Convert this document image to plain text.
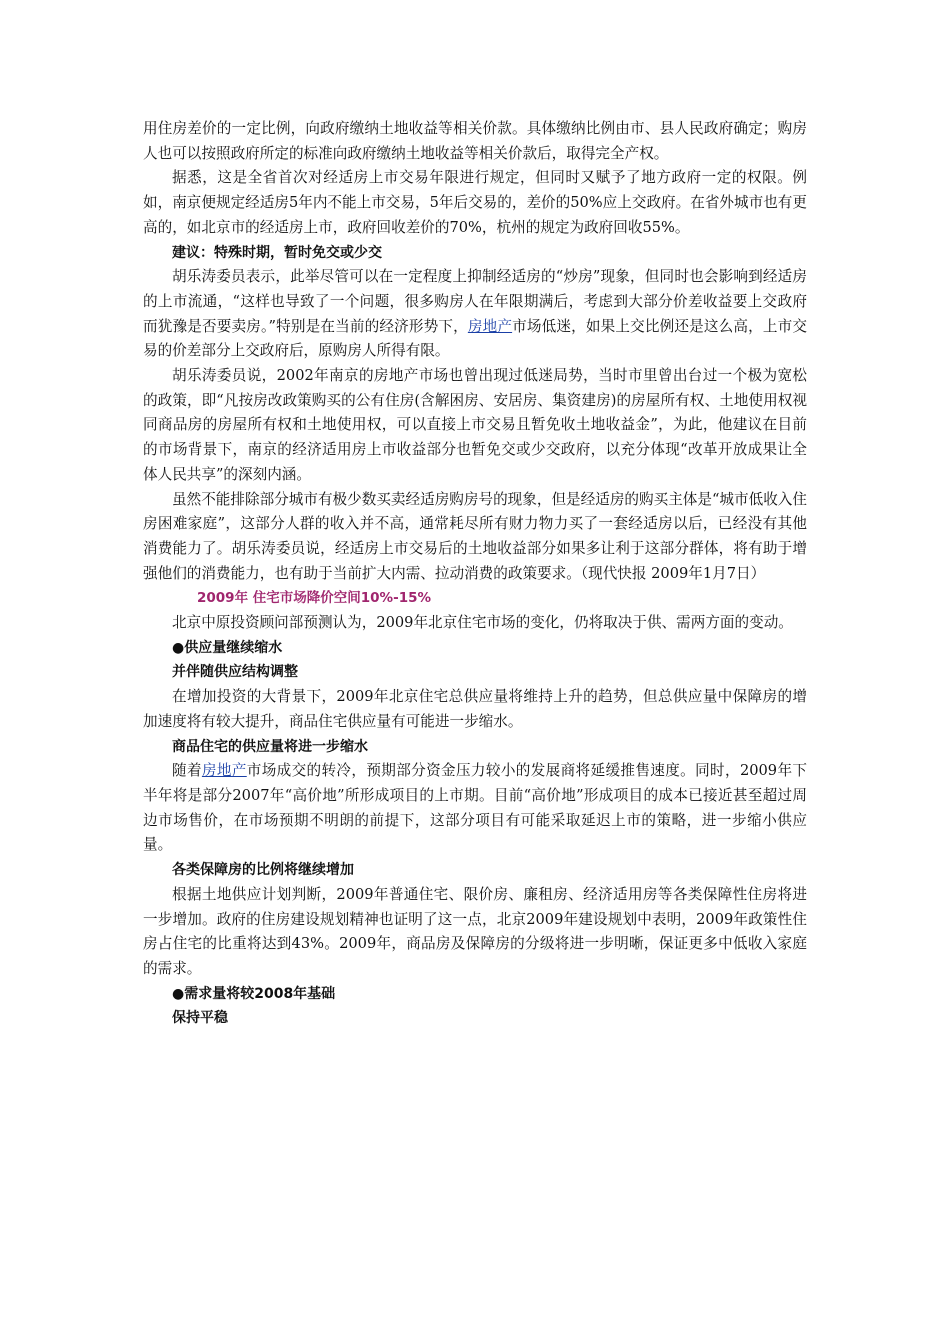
用住房差价的一定比例，向政府缴纳土地收益等相关价款。具体缴纳比例由市、县人民政府确定；购房人也可以按照政府所定的标准向政府缴纳土地收益等相关价款后，取得完全产权。

据悉，这是全省首次对经适房上市交易年限进行规定，但同时又赋予了地方政府一定的权限。例如，南京便规定经适房5年内不能上市交易，5年后交易的，差价的50%应上交政府。在省外城市也有更高的，如北京市的经适房上市，政府回收差价的70%，杭州的规定为政府回收55%。

建议：特殊时期，暂时免交或少交

胡乐涛委员表示，此举尽管可以在一定程度上抑制经适房的“炒房”现象，但同时也会影响到经适房的上市流通，“这样也导致了一个问题，很多购房人在年限期满后，考虑到大部分价差收益要上交政府而犹豫是否要卖房。”特别是在当前的经济形势下，房地产市场低迷，如果上交比例还是这么高，上市交易的价差部分上交政府后，原购房人所得有限。

胡乐涛委员说，2002年南京的房地产市场也曾出现过低迷局势，当时市里曾出台过一个极为宽松的政策，即“凡按房改政策购买的公有住房(含解困房、安居房、集资建房)的房屋所有权、土地使用权视同商品房的房屋所有权和土地使用权，可以直接上市交易且暂免收土地收益金”，为此，他建议在目前的市场背景下，南京的经济适用房上市收益部分也暂免交或少交政府，以充分体现“改革开放成果让全体人民共享”的深刻内涵。

虽然不能排除部分城市有极少数买卖经适房购房号的现象，但是经适房的购买主体是“城市低收入住房困难家庭”，这部分人群的收入并不高，通常耗尽所有财力物力买了一套经适房以后，已经没有其他消费能力了。胡乐涛委员说，经适房上市交易后的土地收益部分如果多让利于这部分群体，将有助于增强他们的消费能力，也有助于当前扩大内需、拉动消费的政策要求。（现代快报 2009年1月7日）

2009年 住宅市场降价空间10%-15%

北京中原投资顾问部预测认为，2009年北京住宅市场的变化，仍将取决于供、需两方面的变动。

●供应量继续缩水

并伴随供应结构调整

在增加投资的大背景下，2009年北京住宅总供应量将维持上升的趋势，但总供应量中保障房的增加速度将有较大提升，商品住宅供应量有可能进一步缩水。

商品住宅的供应量将进一步缩水

随着房地产市场成交的转冷，预期部分资金压力较小的发展商将延缓推售速度。同时，2009年下半年将是部分2007年“高价地”所形成项目的上市期。目前“高价地”形成项目的成本已接近甚至超过周边市场售价，在市场预期不明朗的前提下，这部分项目有可能采取延迟上市的策略，进一步缩小供应量。

各类保障房的比例将继续增加

根据土地供应计划判断，2009年普通住宅、限价房、廉租房、经济适用房等各类保障性住房将进一步增加。政府的住房建设规划精神也证明了这一点，北京2009年建设规划中表明，2009年政策性住房占住宅的比重将达到43%。2009年，商品房及保障房的分级将进一步明晰，保证更多中低收入家庭的需求。

●需求量将较2008年基础

保持平稳
